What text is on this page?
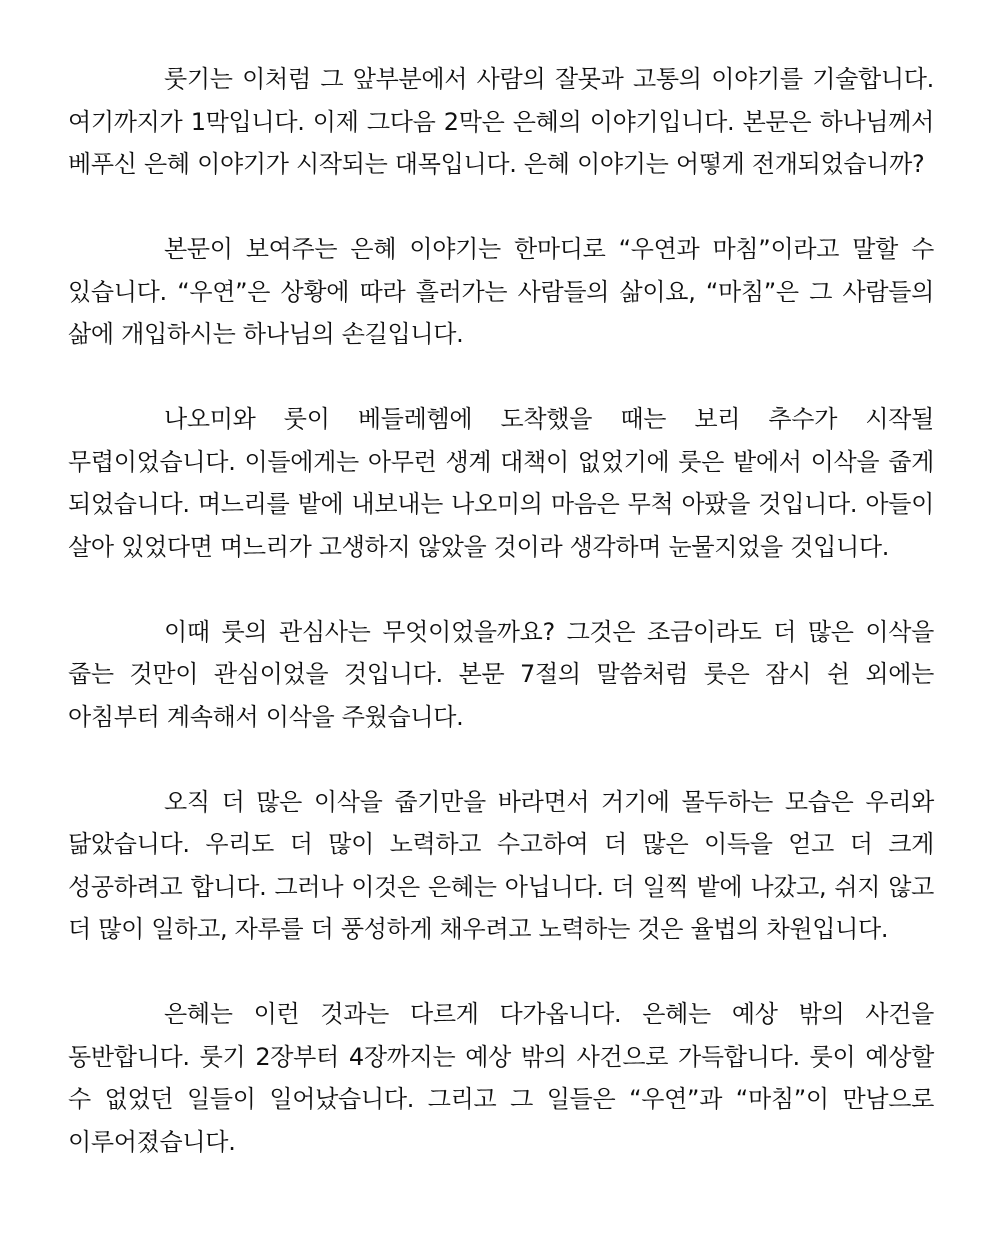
룻기는 이처럼 그 앞부분에서 사람의 잘못과 고통의 이야기를 기술합니다. 여기까지가 1막입니다. 이제 그다음 2막은 은혜의 이야기입니다. 본문은 하나님께서 베푸신 은혜 이야기가 시작되는 대목입니다. 은혜 이야기는 어떻게 전개되었습니까?

본문이 보여주는 은혜 이야기는 한마디로 “우연과 마침”이라고 말할 수 있습니다. “우연”은 상황에 따라 흘러가는 사람들의 삶이요, “마침”은 그 사람들의 삶에 개입하시는 하나님의 손길입니다.

나오미와 룻이 베들레헴에 도착했을 때는 보리 추수가 시작될 무렵이었습니다. 이들에게는 아무런 생계 대책이 없었기에 룻은 밭에서 이삭을 줍게 되었습니다. 며느리를 밭에 내보내는 나오미의 마음은 무척 아팠을 것입니다. 아들이 살아 있었다면 며느리가 고생하지 않았을 것이라 생각하며 눈물지었을 것입니다.

이때 룻의 관심사는 무엇이었을까요? 그것은 조금이라도 더 많은 이삭을 줍는 것만이 관심이었을 것입니다. 본문 7절의 말씀처럼 룻은 잠시 쉰 외에는 아침부터 계속해서 이삭을 주웠습니다.

오직 더 많은 이삭을 줍기만을 바라면서 거기에 몰두하는 모습은 우리와 닮았습니다. 우리도 더 많이 노력하고 수고하여 더 많은 이득을 얻고 더 크게 성공하려고 합니다. 그러나 이것은 은혜는 아닙니다. 더 일찍 밭에 나갔고, 쉬지 않고 더 많이 일하고, 자루를 더 풍성하게 채우려고 노력하는 것은 율법의 차원입니다.

은혜는 이런 것과는 다르게 다가옵니다. 은혜는 예상 밖의 사건을 동반합니다. 룻기 2장부터 4장까지는 예상 밖의 사건으로 가득합니다. 룻이 예상할 수 없었던 일들이 일어났습니다. 그리고 그 일들은 “우연”과 “마침”이 만남으로 이루어졌습니다.
